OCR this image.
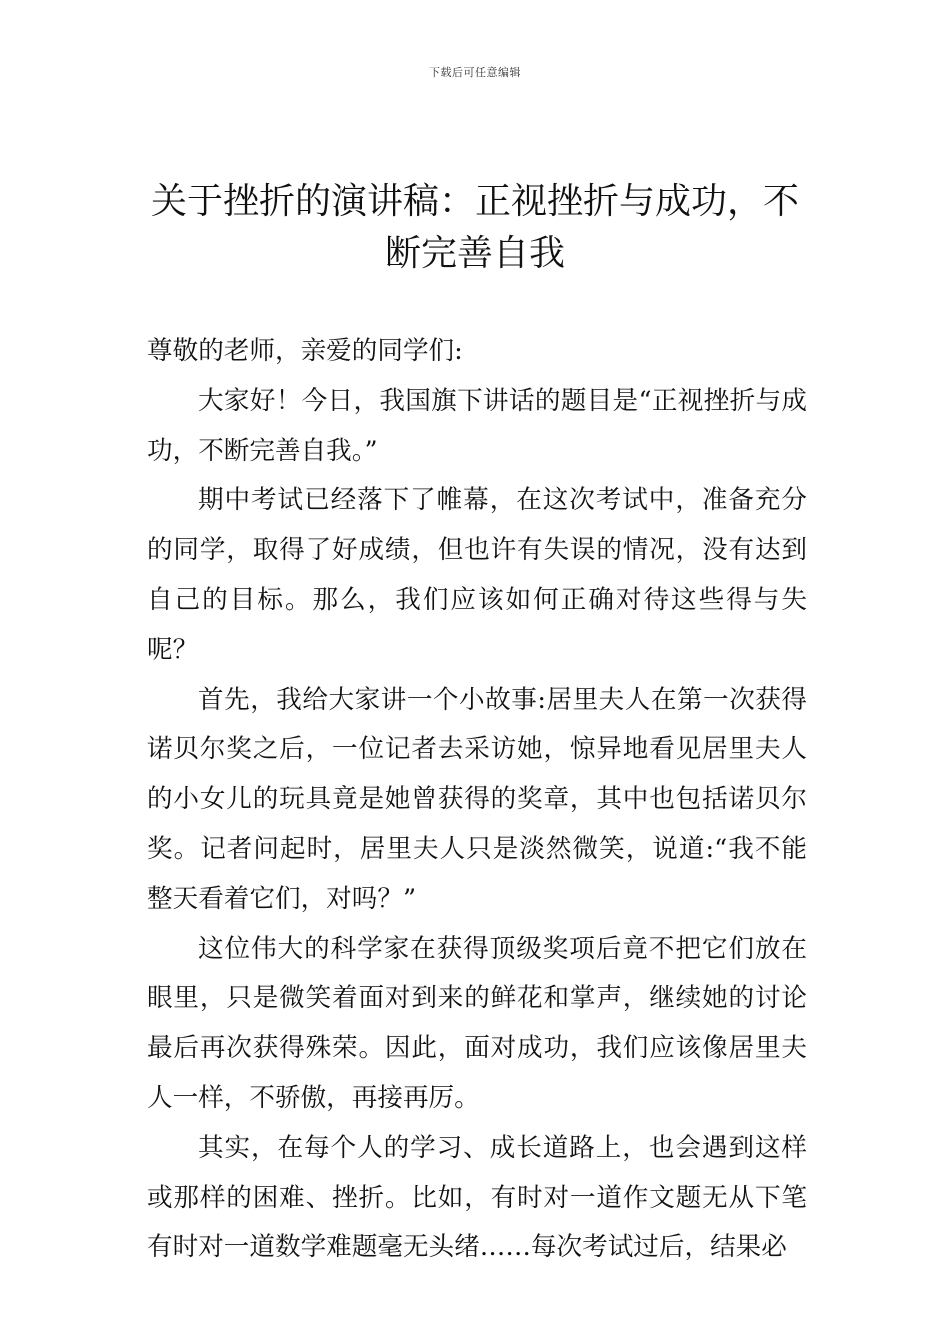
下载后可任意编辑
关于挫折的演讲稿：正视挫折与成功，不断完善自我

尊敬的老师，亲爱的同学们:

大家好！今日，我国旗下讲话的题目是“正视挫折与成功，不断完善自我。”

期中考试已经落下了帷幕，在这次考试中，准备充分的同学，取得了好成绩，但也许有失误的情况，没有达到自己的目标。那么，我们应该如何正确对待这些得与失呢？

首先，我给大家讲一个小故事:居里夫人在第一次获得诺贝尔奖之后，一位记者去采访她，惊异地看见居里夫人的小女儿的玩具竟是她曾获得的奖章，其中也包括诺贝尔奖。记者问起时，居里夫人只是淡然微笑，说道:“我不能整天看着它们，对吗？”

这位伟大的科学家在获得顶级奖项后竟不把它们放在眼里，只是微笑着面对到来的鲜花和掌声，继续她的讨论最后再次获得殊荣。因此，面对成功，我们应该像居里夫人一样，不骄傲，再接再厉。

其实，在每个人的学习、成长道路上，也会遇到这样或那样的困难、挫折。比如，有时对一道作文题无从下笔有时对一道数学难题毫无头绪……每次考试过后，结果必
